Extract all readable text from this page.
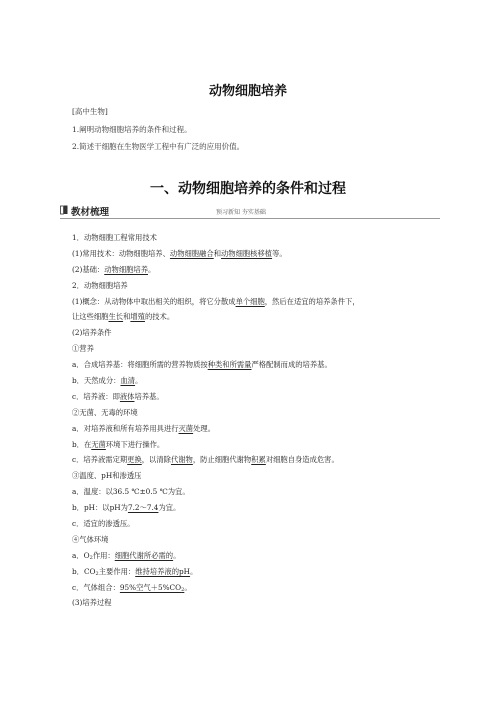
动物细胞培养
[高中生物]
1.阐明动物细胞培养的条件和过程。
2.简述干细胞在生物医学工程中有广泛的应用价值。
一、动物细胞培养的条件和过程
教材梳理	预习新知 夯实基础
1．动物细胞工程常用技术
(1)常用技术：动物细胞培养、动物细胞融合和动物细胞核移植等。
(2)基础：动物细胞培养。
2．动物细胞培养
(1)概念：从动物体中取出相关的组织，将它分散成单个细胞，然后在适宜的培养条件下，
让这些细胞生长和增殖的技术。
(2)培养条件
①营养
a．合成培养基：将细胞所需的营养物质按种类和所需量严格配制而成的培养基。
b．天然成分：血清。
c．培养液：即液体培养基。
②无菌、无毒的环境
a．对培养液和所有培养用具进行灭菌处理。
b．在无菌环境下进行操作。
c．培养液需定期更换，以清除代谢物，防止细胞代谢物积累对细胞自身造成危害。
③温度、pH和渗透压
a．温度：以36.5 ℃±0.5 ℃为宜。
b．pH：以pH为7.2～7.4为宜。
c．适宜的渗透压。
④气体环境
a．$O_2$作用：细胞代谢所必需的。
b．$CO_2$主要作用：维持培养液的pH。
c．气体组合：95%空气$+5\%CO_2$。
(3)培养过程
